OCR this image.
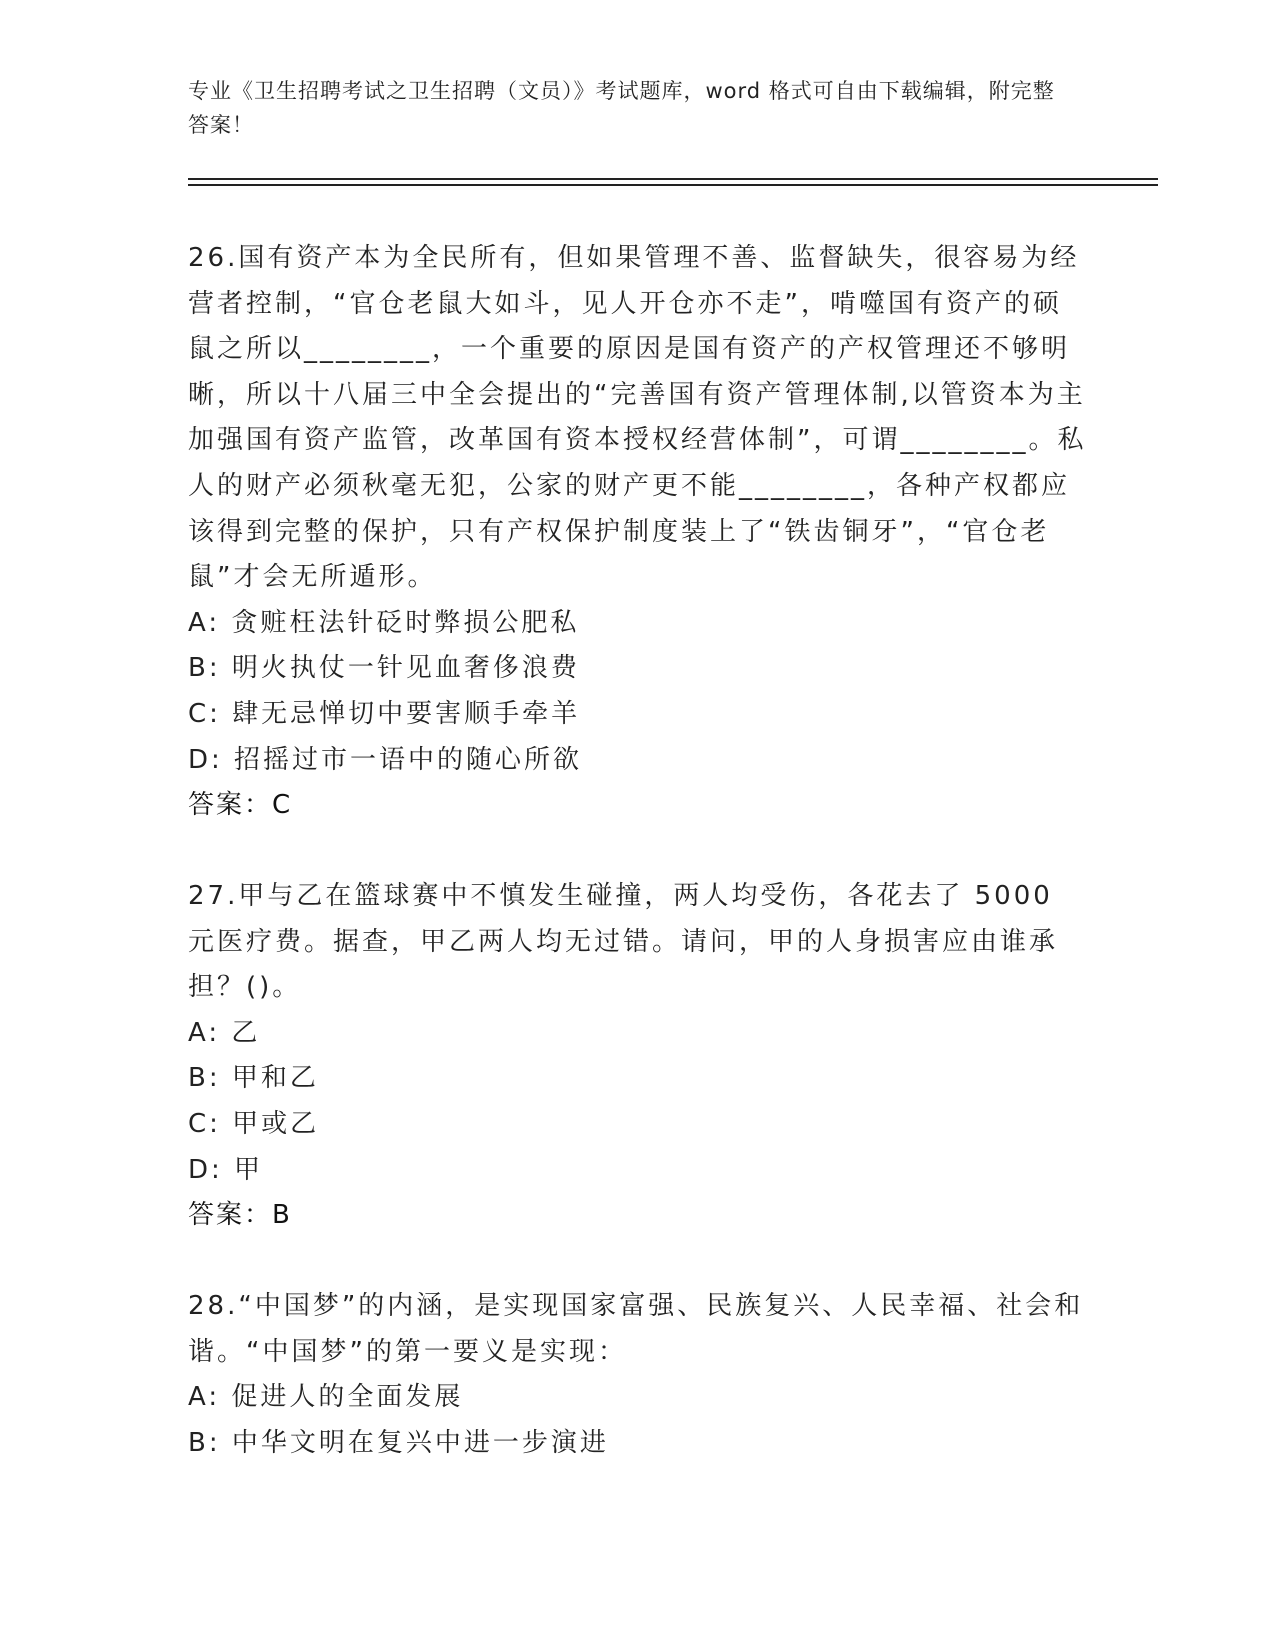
专业《卫生招聘考试之卫生招聘（文员）》考试题库，word 格式可自由下载编辑，附完整答案！
26.国有资产本为全民所有，但如果管理不善、监督缺失，很容易为经营者控制，“官仓老鼠大如斗，见人开仓亦不走”，啃噬国有资产的硕鼠之所以________，一个重要的原因是国有资产的产权管理还不够明晰，所以十八届三中全会提出的“完善国有资产管理体制,以管资本为主加强国有资产监管，改革国有资本授权经营体制”，可谓________。私人的财产必须秋毫无犯，公家的财产更不能________，各种产权都应该得到完整的保护，只有产权保护制度装上了“铁齿铜牙”，“官仓老鼠”才会无所遁形。
A: 贪赃枉法针砭时弊损公肥私
B: 明火执仗一针见血奢侈浪费
C: 肆无忌惮切中要害顺手牵羊
D: 招摇过市一语中的随心所欲
答案：C
27.甲与乙在篮球赛中不慎发生碰撞，两人均受伤，各花去了 5000 元医疗费。据查，甲乙两人均无过错。请问，甲的人身损害应由谁承担？()。
A: 乙
B: 甲和乙
C: 甲或乙
D: 甲
答案：B
28.“中国梦”的内涵，是实现国家富强、民族复兴、人民幸福、社会和谐。“中国梦”的第一要义是实现：
A: 促进人的全面发展
B: 中华文明在复兴中进一步演进
